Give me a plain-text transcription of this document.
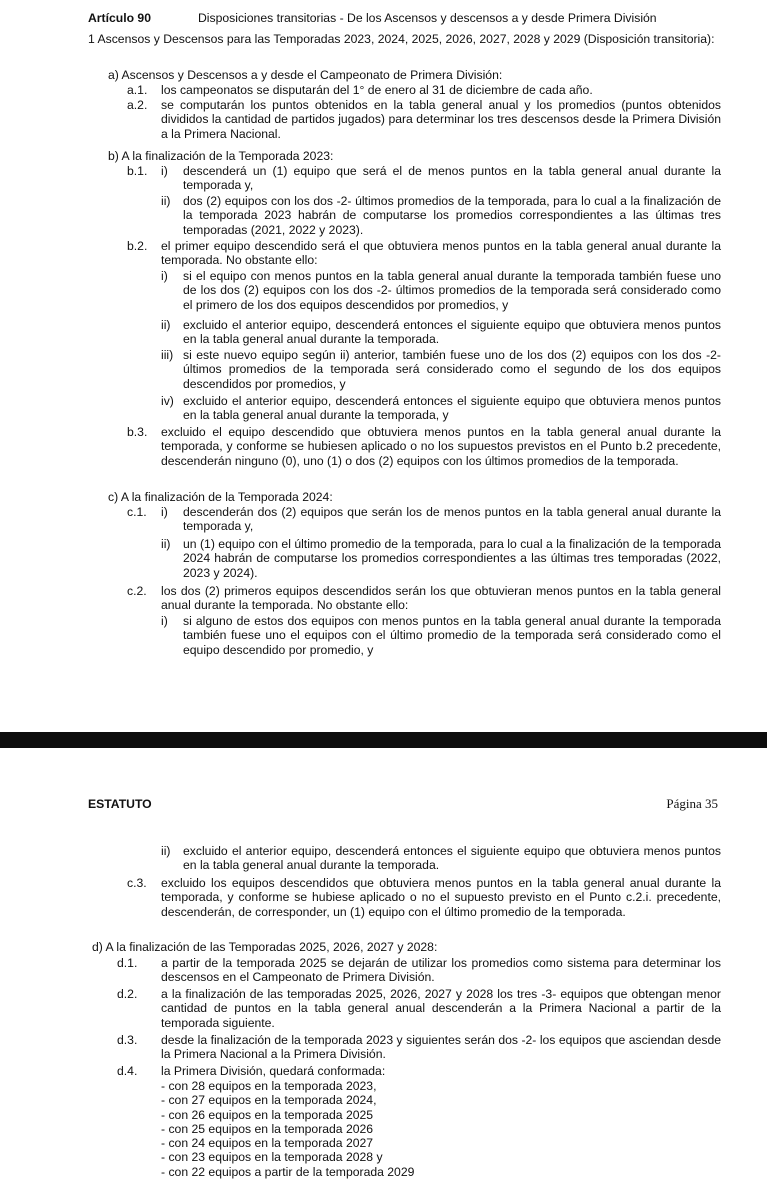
Artículo 90	Disposiciones transitorias - De los Ascensos y descensos a y desde Primera División
1 Ascensos y Descensos para las Temporadas 2023, 2024, 2025, 2026, 2027, 2028 y 2029 (Disposición transitoria):
a) Ascensos y Descensos a y desde el Campeonato de Primera División:
a.1.	los campeonatos se disputarán del 1° de enero al 31 de diciembre de cada año.
a.2.	se computarán los puntos obtenidos en la tabla general anual y los promedios (puntos obtenidos divididos la cantidad de partidos jugados) para determinar los tres descensos desde la Primera División a la Primera Nacional.
b) A la finalización de la Temporada 2023:
b.1.	i)	descenderá un (1) equipo que será el de menos puntos en la tabla general anual durante la temporada y,
ii)	dos (2) equipos con los dos -2- últimos promedios de la temporada, para lo cual a la finalización de la temporada 2023 habrán de computarse los promedios correspondientes a las últimas tres temporadas (2021, 2022 y 2023).
b.2.	el primer equipo descendido será el que obtuviera menos puntos en la tabla general anual durante la temporada. No obstante ello:
i)	si el equipo con menos puntos en la tabla general anual durante la temporada también fuese uno de los dos (2) equipos con los dos -2- últimos promedios de la temporada será considerado como el primero de los dos equipos descendidos por promedios, y
ii)	excluido el anterior equipo, descenderá entonces el siguiente equipo que obtuviera menos puntos en la tabla general anual durante la temporada.
iii) si este nuevo equipo según ii) anterior, también fuese uno de los dos (2) equipos con los dos -2- últimos promedios de la temporada será considerado como el segundo de los dos equipos descendidos por promedios, y
iv) excluido el anterior equipo, descenderá entonces el siguiente equipo que obtuviera menos puntos en la tabla general anual durante la temporada, y
b.3.	excluido el equipo descendido que obtuviera menos puntos en la tabla general anual durante la temporada, y conforme se hubiesen aplicado o no los supuestos previstos en el Punto b.2 precedente, descenderán ninguno (0), uno (1) o dos (2) equipos con los últimos promedios de la temporada.
c) A la finalización de la Temporada 2024:
c.1.	i)	descenderán dos (2) equipos que serán los de menos puntos en la tabla general anual durante la temporada y,
ii)	un (1) equipo con el último promedio de la temporada, para lo cual a la finalización de la temporada 2024 habrán de computarse los promedios correspondientes a las últimas tres temporadas (2022, 2023 y 2024).
c.2.	los dos (2) primeros equipos descendidos serán los que obtuvieran menos puntos en la tabla general anual durante la temporada. No obstante ello:
i)	si alguno de estos dos equipos con menos puntos en la tabla general anual durante la temporada también fuese uno el equipos con el último promedio de la temporada será considerado como el equipo descendido por promedio, y
ESTATUTO	Página 35
ii)	excluido el anterior equipo, descenderá entonces el siguiente equipo que obtuviera menos puntos en la tabla general anual durante la temporada.
c.3.	excluido los equipos descendidos que obtuviera menos puntos en la tabla general anual durante la temporada, y conforme se hubiese aplicado o no el supuesto previsto en el Punto c.2.i. precedente, descenderán, de corresponder, un (1) equipo con el último promedio de la temporada.
d) A la finalización de las Temporadas 2025, 2026, 2027 y 2028:
d.1.	a partir de la temporada 2025 se dejarán de utilizar los promedios como sistema para determinar los descensos en el Campeonato de Primera División.
d.2.	a la finalización de las temporadas 2025, 2026, 2027 y 2028 los tres -3- equipos que obtengan menor cantidad de puntos en la tabla general anual descenderán a la Primera Nacional a partir de la temporada siguiente.
d.3.	desde la finalización de la temporada 2023 y siguientes serán dos -2- los equipos que asciendan desde la Primera Nacional a la Primera División.
d.4.	la Primera División, quedará conformada:
- con 28 equipos en la temporada 2023,
- con 27 equipos en la temporada 2024,
- con 26 equipos en la temporada 2025
- con 25 equipos en la temporada 2026
- con 24 equipos en la temporada 2027
- con 23 equipos en la temporada 2028 y
- con 22 equipos a partir de la temporada 2029
